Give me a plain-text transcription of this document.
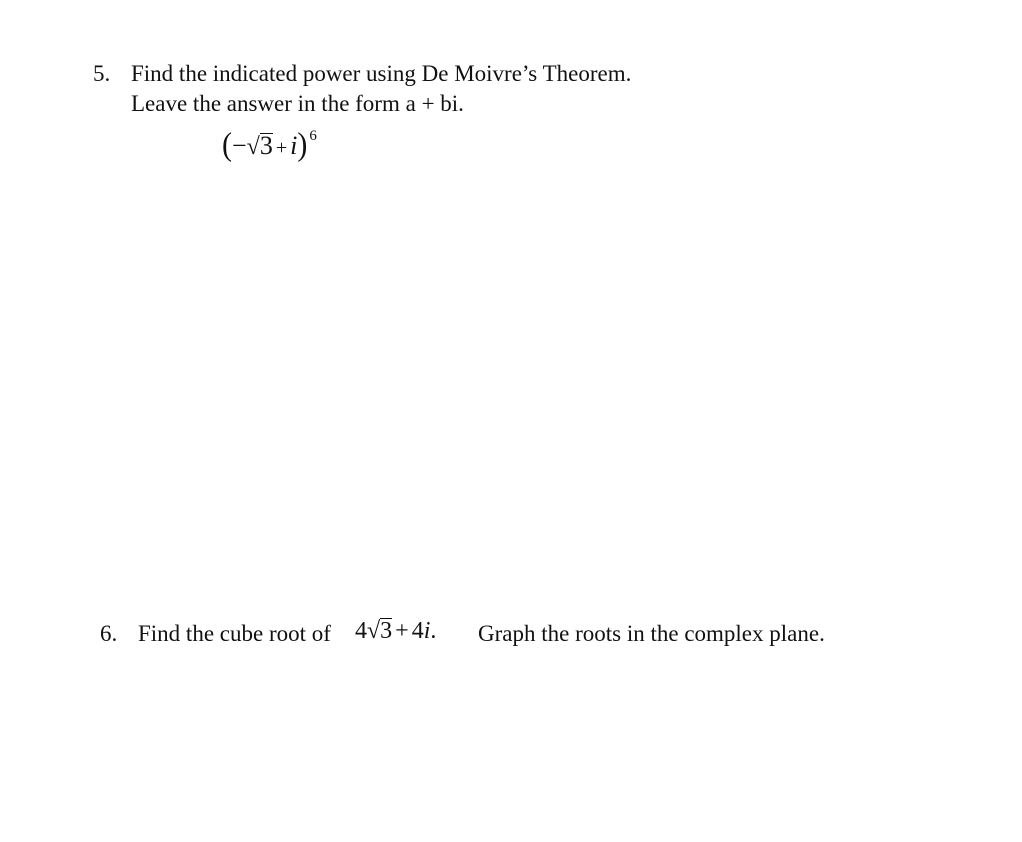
5. Find the indicated power using De Moivre’s Theorem.
Leave the answer in the form a + bi.
(−√3 + i) $^6$
6. Find the cube root of 4√3 + 4i. Graph the roots in the complex plane.
